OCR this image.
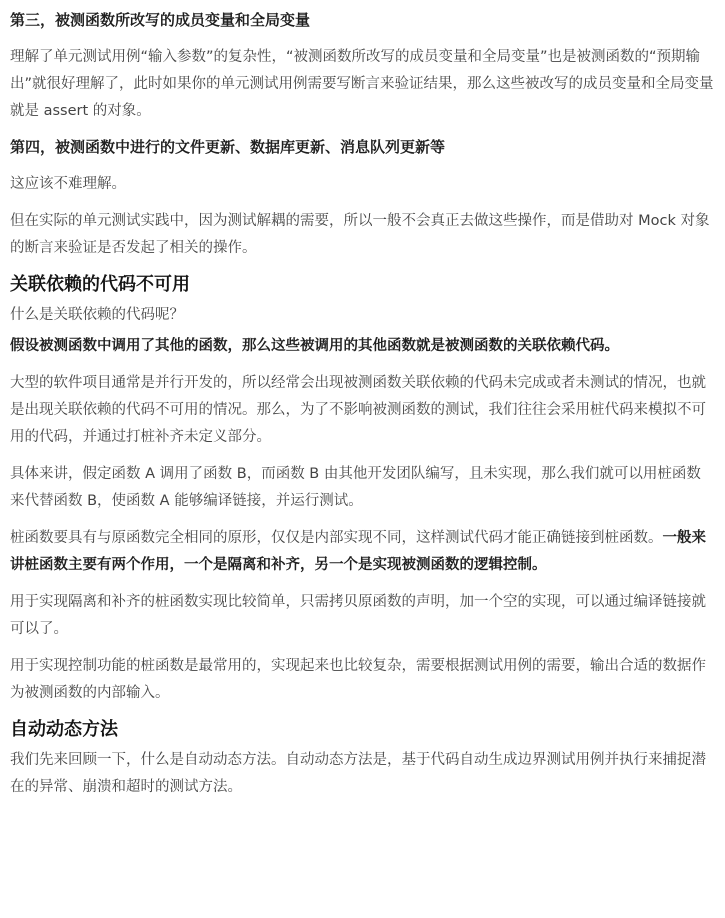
第三，被测函数所改写的成员变量和全局变量

理解了单元测试用例“输入参数”的复杂性，“被测函数所改写的成员变量和全局变量”也是被测函数的“预期输出”就很好理解了，此时如果你的单元测试用例需要写断言来验证结果，那么这些被改写的成员变量和全局变量就是 assert 的对象。

第四，被测函数中进行的文件更新、数据库更新、消息队列更新等

这应该不难理解。

但在实际的单元测试实践中，因为测试解耦的需要，所以一般不会真正去做这些操作，而是借助对 Mock 对象的断言来验证是否发起了相关的操作。

关联依赖的代码不可用

什么是关联依赖的代码呢？

假设被测函数中调用了其他的函数，那么这些被调用的其他函数就是被测函数的关联依赖代码。

大型的软件项目通常是并行开发的，所以经常会出现被测函数关联依赖的代码未完成或者未测试的情况，也就是出现关联依赖的代码不可用的情况。那么，为了不影响被测函数的测试，我们往往会采用桩代码来模拟不可用的代码，并通过打桩补齐未定义部分。

具体来讲，假定函数 A 调用了函数 B，而函数 B 由其他开发团队编写，且未实现，那么我们就可以用桩函数来代替函数 B，使函数 A 能够编译链接，并运行测试。

桩函数要具有与原函数完全相同的原形，仅仅是内部实现不同，这样测试代码才能正确链接到桩函数。一般来讲桩函数主要有两个作用，一个是隔离和补齐，另一个是实现被测函数的逻辑控制。

用于实现隔离和补齐的桩函数实现比较简单，只需拷贝原函数的声明，加一个空的实现，可以通过编译链接就可以了。

用于实现控制功能的桩函数是最常用的，实现起来也比较复杂，需要根据测试用例的需要，输出合适的数据作为被测函数的内部输入。

自动动态方法

我们先来回顾一下，什么是自动动态方法。自动动态方法是，基于代码自动生成边界测试用例并执行来捕捉潜在的异常、崩溃和超时的测试方法。
